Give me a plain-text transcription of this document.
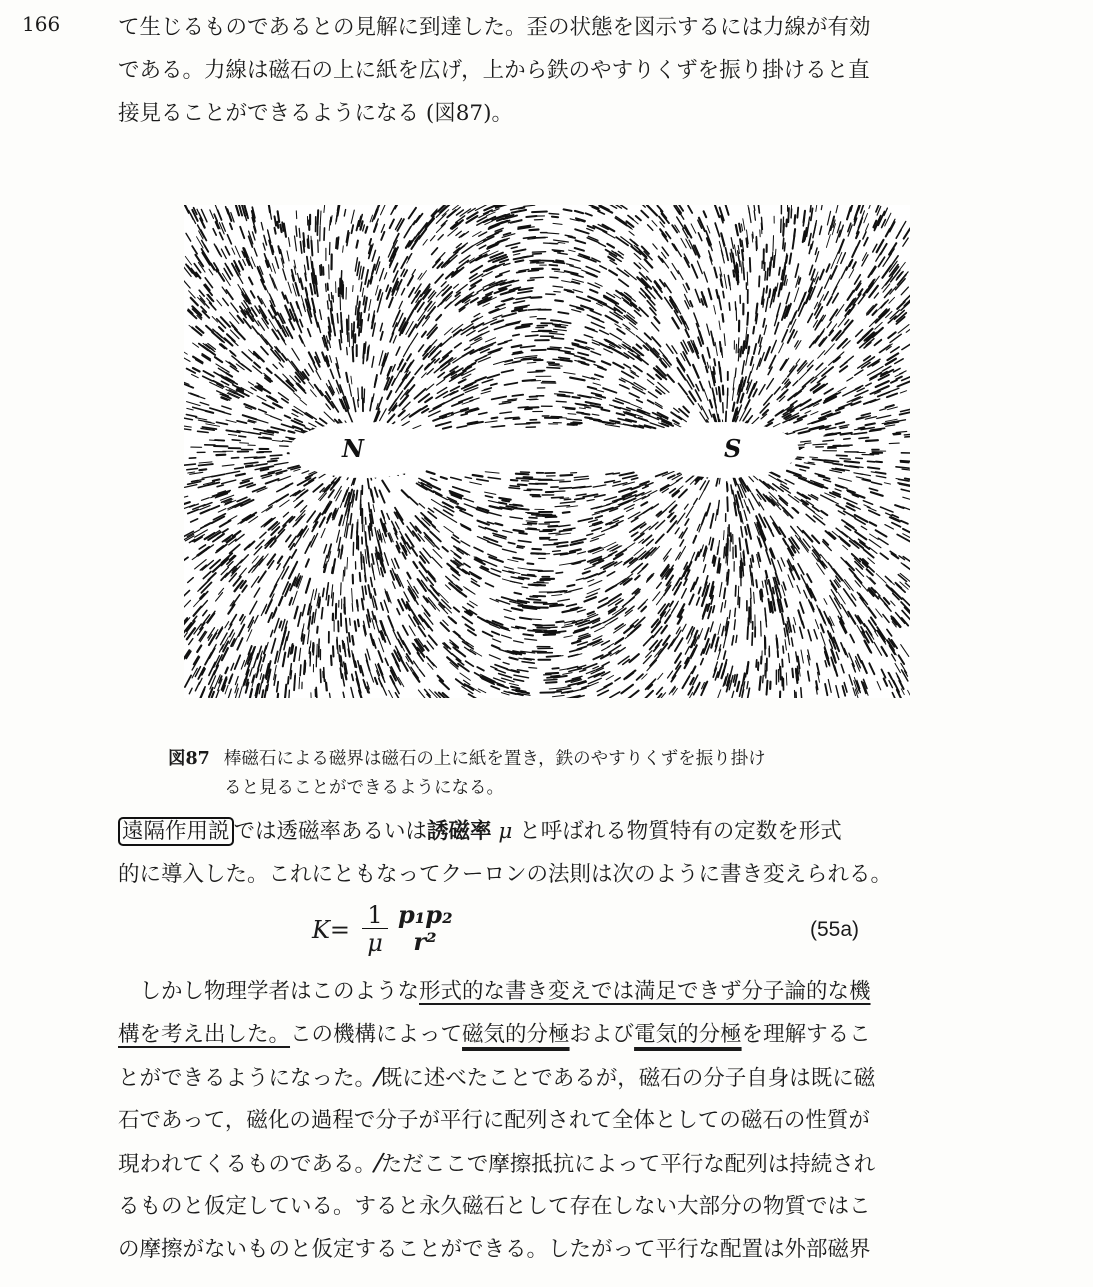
166	て生じるものであるとの見解に到達した。歪の状態を図示するには力線が有効
である。力線は磁石の上に紙を広げ，上から鉄のやすりくずを振り掛けると直
接見ることができるようになる (図87)。
N	S
図87 棒磁石による磁界は磁石の上に紙を置き，鉄のやすりくずを振り掛け
ると見ることができるようになる。
遠隔作用説 では透磁率あるいは誘磁率 μ と呼ばれる物質特有の定数を形式
的に導入した。これにともなってクーロンの法則は次のように書き変えられる。
$K= \frac{1}{\mu} p_1p_2$
r²	(55a)
　しかし物理学者はこのような形式的な書き変えでは満足できず分子論的な機
構を考え出した。この機構によって磁気的分極および電気的分極を理解するこ
とができるようになった。/既に述べたことであるが，磁石の分子自身は既に磁
石であって，磁化の過程で分子が平行に配列されて全体としての磁石の性質が
現われてくるものである。/ただここで摩擦抵抗によって平行な配列は持続され
るものと仮定している。すると永久磁石として存在しない大部分の物質ではこ
の摩擦がないものと仮定することができる。したがって平行な配置は外部磁界
